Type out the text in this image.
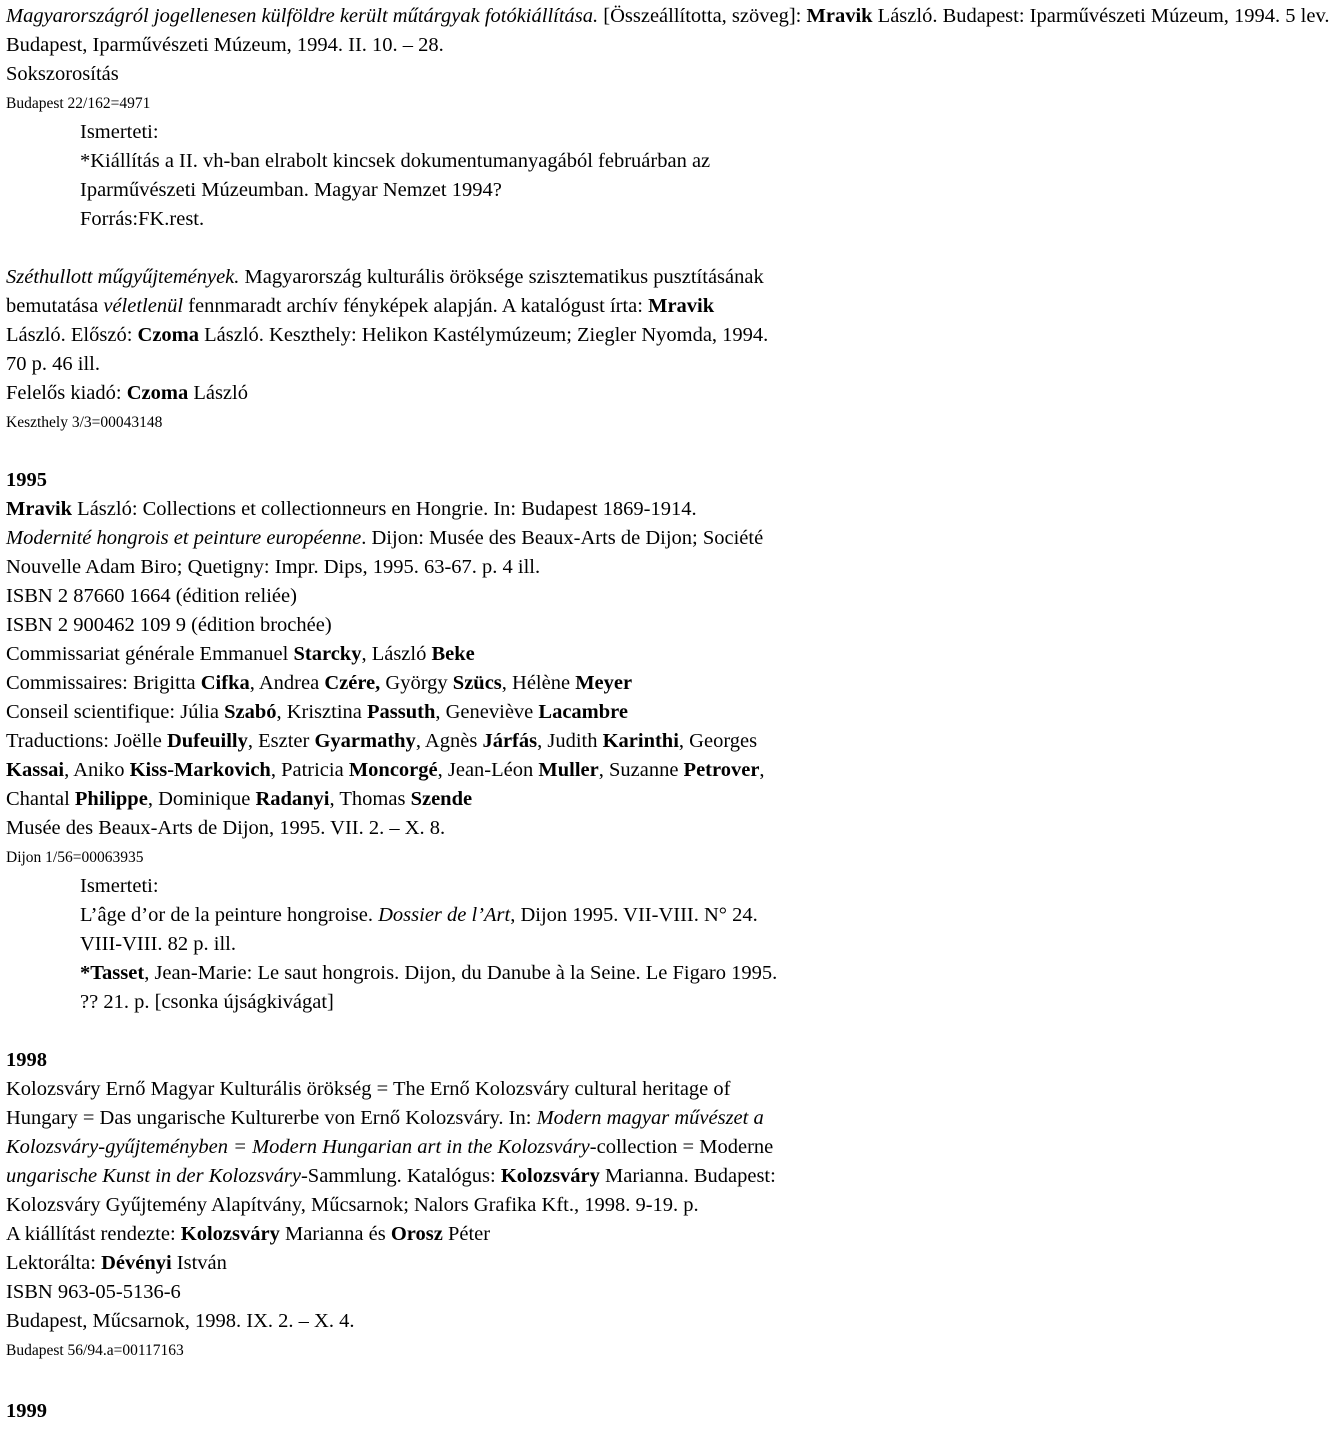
Magyarországról jogellenesen külföldre került műtárgyak fotókiállítása. [Összeállította, szöveg]: Mravik László. Budapest: Iparművészeti Múzeum, 1994. 5 lev.
Budapest, Iparművészeti Múzeum, 1994. II. 10. – 28.
Sokszorosítás
Budapest 22/162=4971
Ismerteti:
*Kiállítás a II. vh-ban elrabolt kincsek dokumentumanyagából februárban az
Iparművészeti Múzeumban. Magyar Nemzet 1994?
Forrás:FK.rest.
Széthullott műgyűjtemények. Magyarország kulturális öröksége szisztematikus pusztításának
bemutatása véletlenül fennmaradt archív fényképek alapján. A katalógust írta: Mravik
László. Előszó: Czoma László. Keszthely: Helikon Kastélymúzeum; Ziegler Nyomda, 1994.
70 p. 46 ill.
Felelős kiadó: Czoma László
Keszthely 3/3=00043148
1995
Mravik László: Collections et collectionneurs en Hongrie. In: Budapest 1869-1914.
Modernité hongrois et peinture européenne. Dijon: Musée des Beaux-Arts de Dijon; Société
Nouvelle Adam Biro; Quetigny: Impr. Dips, 1995. 63-67. p. 4 ill.
ISBN 2 87660 1664 (édition reliée)
ISBN 2 900462 109 9 (édition brochée)
Commissariat générale Emmanuel Starcky, László Beke
Commissaires: Brigitta Cifka, Andrea Czére, György Szücs, Hélène Meyer
Conseil scientifique: Júlia Szabó, Krisztina Passuth, Geneviève Lacambre
Traductions: Joëlle Dufeuilly, Eszter Gyarmathy, Agnès Járfás, Judith Karinthi, Georges
Kassai, Aniko Kiss-Markovich, Patricia Moncorgé, Jean-Léon Muller, Suzanne Petrover,
Chantal Philippe, Dominique Radanyi, Thomas Szende
Musée des Beaux-Arts de Dijon, 1995. VII. 2. – X. 8.
Dijon 1/56=00063935
Ismerteti:
L’âge d’or de la peinture hongroise. Dossier de l’Art, Dijon 1995. VII-VIII. N° 24.
VIII-VIII. 82 p. ill.
*Tasset, Jean-Marie: Le saut hongrois. Dijon, du Danube à la Seine. Le Figaro 1995.
?? 21. p. [csonka újságkivágat]
1998
Kolozsváry Ernő Magyar Kulturális örökség = The Ernő Kolozsváry cultural heritage of
Hungary = Das ungarische Kulturerbe von Ernő Kolozsváry. In: Modern magyar művészet a
Kolozsváry-gyűjteményben = Modern Hungarian art in the Kolozsváry-collection = Moderne
ungarische Kunst in der Kolozsváry-Sammlung. Katalógus: Kolozsváry Marianna. Budapest:
Kolozsváry Gyűjtemény Alapítvány, Műcsarnok; Nalors Grafika Kft., 1998. 9-19. p.
A kiállítást rendezte: Kolozsváry Marianna és Orosz Péter
Lektorálta: Dévényi István
ISBN 963-05-5136-6
Budapest, Műcsarnok, 1998. IX. 2. – X. 4.
Budapest 56/94.a=00117163
1999
